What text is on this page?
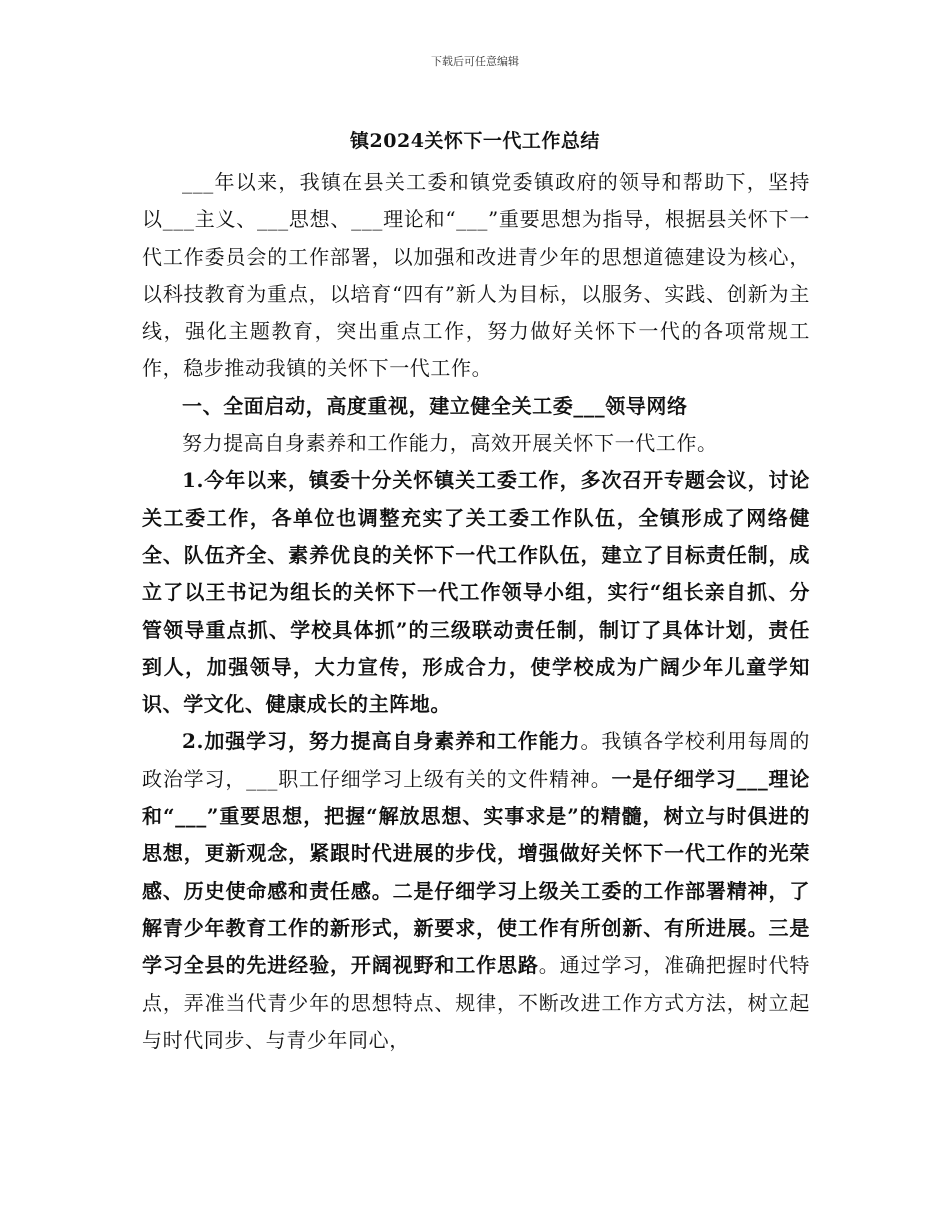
下载后可任意编辑
镇2024关怀下一代工作总结

___年以来，我镇在县关工委和镇党委镇政府的领导和帮助下，坚持以___主义、___思想、___理论和“___”重要思想为指导，根据县关怀下一代工作委员会的工作部署，以加强和改进青少年的思想道德建设为核心，以科技教育为重点，以培育“四有”新人为目标，以服务、实践、创新为主线，强化主题教育，突出重点工作，努力做好关怀下一代的各项常规工作，稳步推动我镇的关怀下一代工作。

一、全面启动，高度重视，建立健全关工委___领导网络

努力提高自身素养和工作能力，高效开展关怀下一代工作。

1.今年以来，镇委十分关怀镇关工委工作，多次召开专题会议，讨论关工委工作，各单位也调整充实了关工委工作队伍，全镇形成了网络健全、队伍齐全、素养优良的关怀下一代工作队伍，建立了目标责任制，成立了以王书记为组长的关怀下一代工作领导小组，实行“组长亲自抓、分管领导重点抓、学校具体抓”的三级联动责任制，制订了具体计划，责任到人，加强领导，大力宣传，形成合力，使学校成为广阔少年儿童学知识、学文化、健康成长的主阵地。

2.加强学习，努力提高自身素养和工作能力。我镇各学校利用每周的政治学习，___职工仔细学习上级有关的文件精神。一是仔细学习___理论和“___”重要思想，把握“解放思想、实事求是”的精髓，树立与时俱进的思想，更新观念，紧跟时代进展的步伐，增强做好关怀下一代工作的光荣感、历史使命感和责任感。二是仔细学习上级关工委的工作部署精神，了解青少年教育工作的新形式，新要求，使工作有所创新、有所进展。三是学习全县的先进经验，开阔视野和工作思路。通过学习，准确把握时代特点，弄准当代青少年的思想特点、规律，不断改进工作方式方法，树立起与时代同步、与青少年同心，
